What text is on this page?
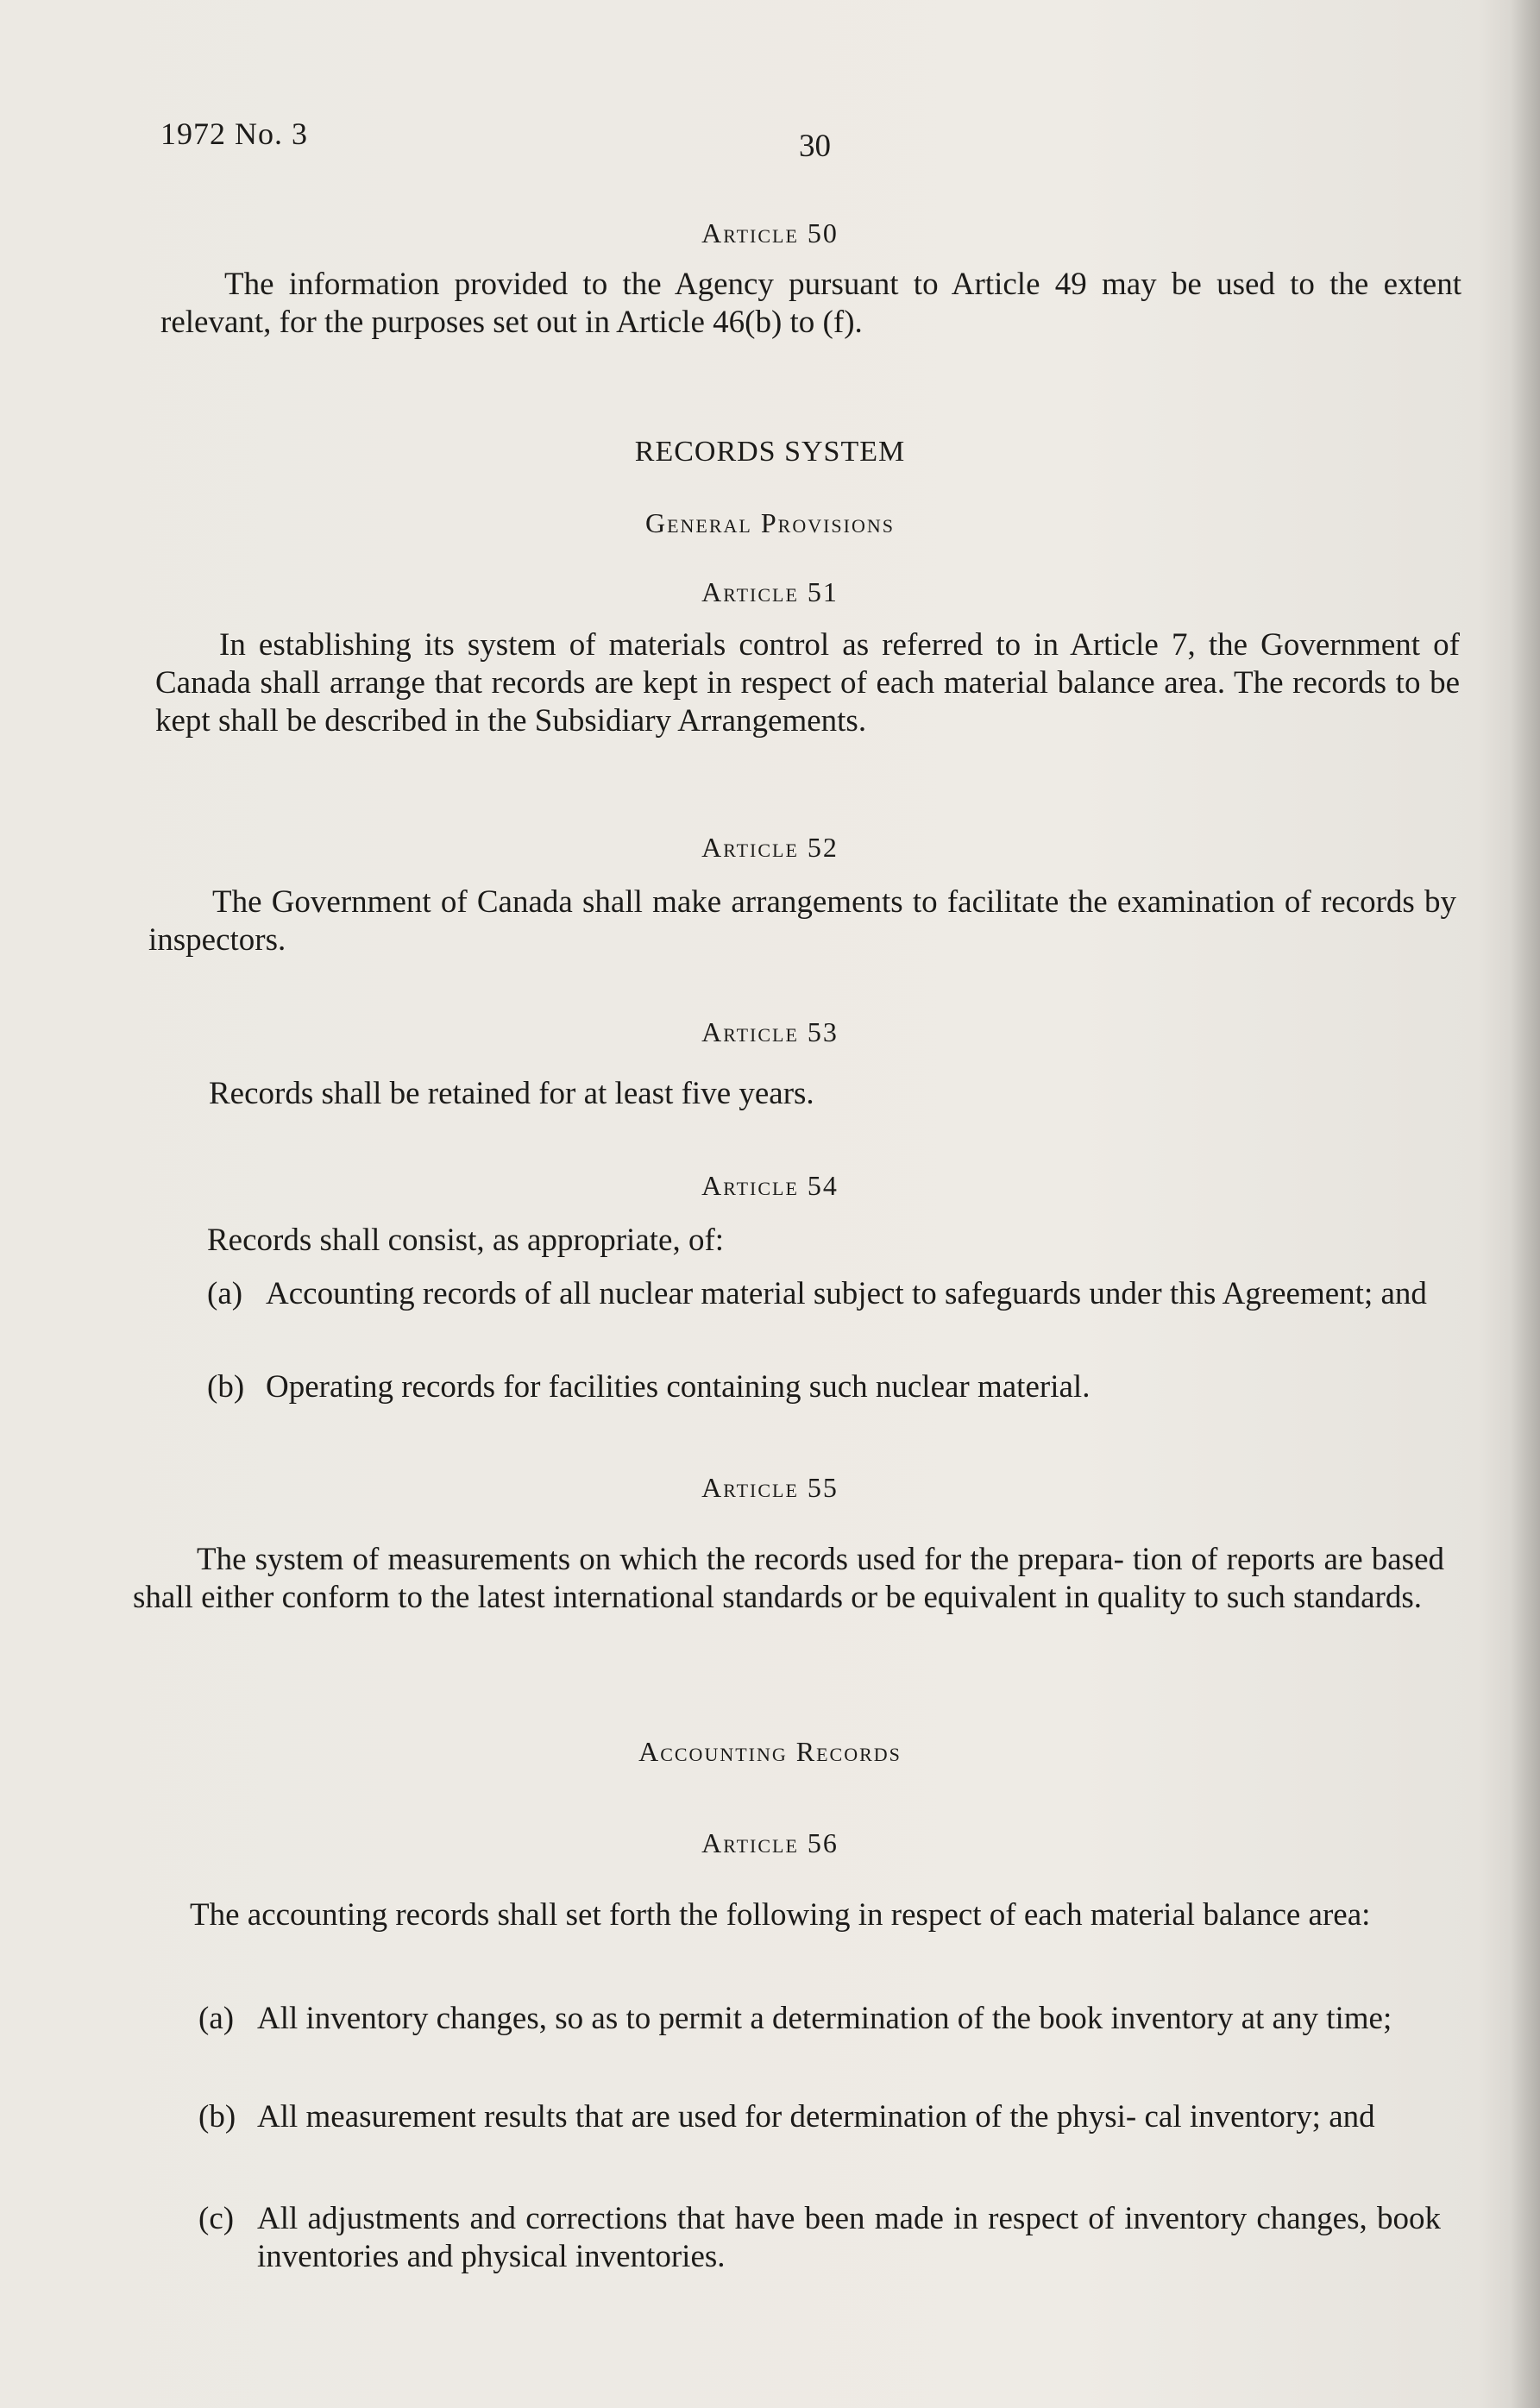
1972 No. 3	30
Article 50

The information provided to the Agency pursuant to Article 49 may be used to the extent relevant, for the purposes set out in Article 46(b) to (f).

RECORDS SYSTEM
General Provisions
Article 51

In establishing its system of materials control as referred to in Article 7, the Government of Canada shall arrange that records are kept in respect of each material balance area. The records to be kept shall be described in the Subsidiary Arrangements.

Article 52

The Government of Canada shall make arrangements to facilitate the examination of records by inspectors.

Article 53

Records shall be retained for at least five years.

Article 54

Records shall consist, as appropriate, of:

(a) Accounting records of all nuclear material subject to safeguards under this Agreement; and
(b) Operating records for facilities containing such nuclear material.
Article 55

The system of measurements on which the records used for the prepara- tion of reports are based shall either conform to the latest international standards or be equivalent in quality to such standards.

Accounting Records
Article 56

The accounting records shall set forth the following in respect of each material balance area:

(a) All inventory changes, so as to permit a determination of the book inventory at any time;
(b) All measurement results that are used for determination of the physi- cal inventory; and
(c) All adjustments and corrections that have been made in respect of inventory changes, book inventories and physical inventories.
